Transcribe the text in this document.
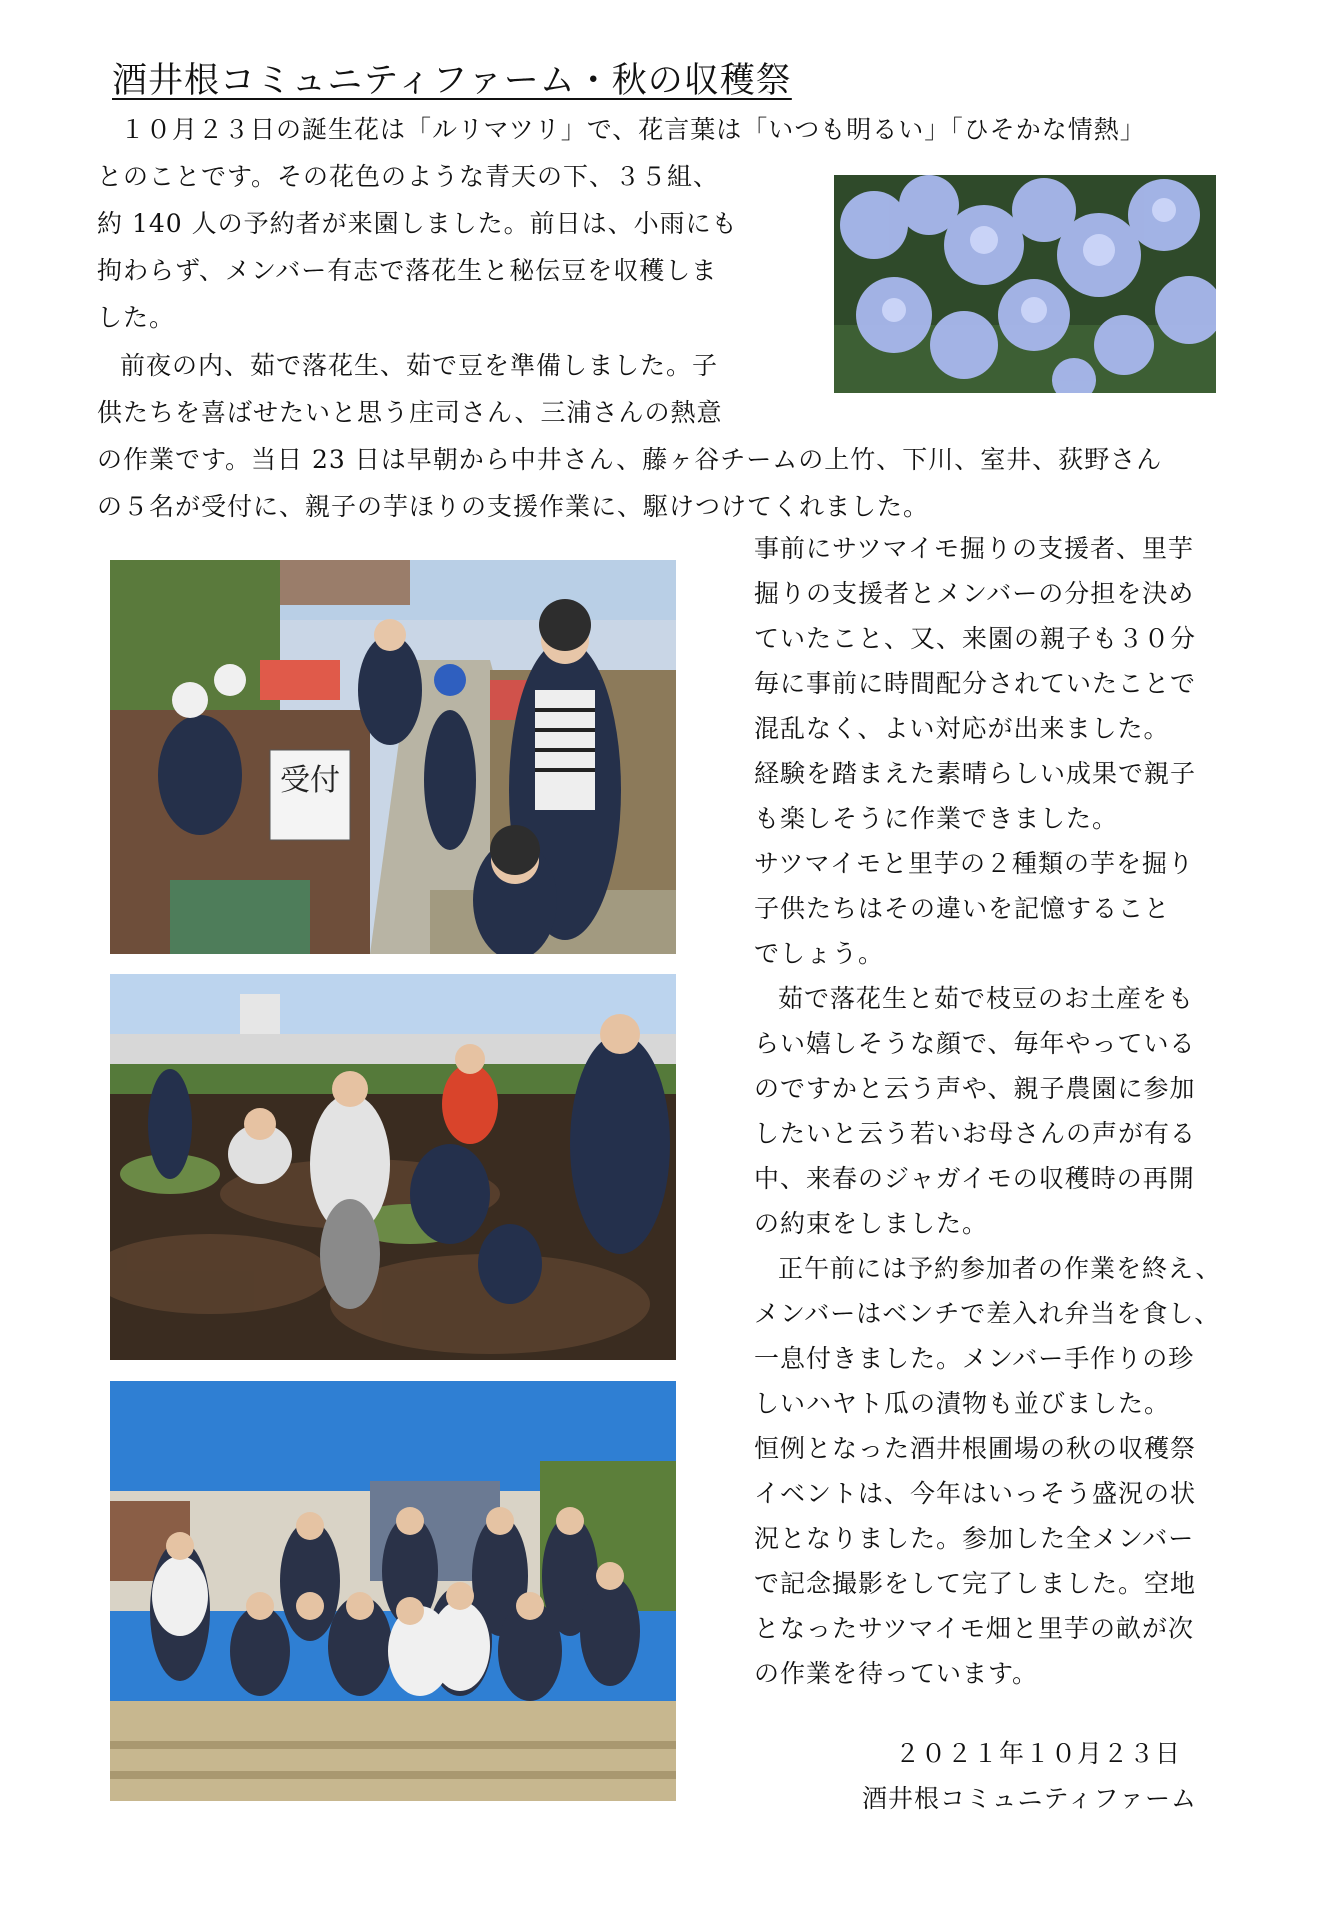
酒井根コミュニティファーム・秋の収穫祭
１０月２３日の誕生花は「ルリマツリ」で、花言葉は「いつも明るい」「ひそかな情熱」
とのことです。その花色のような青天の下、３５組、
約 140 人の予約者が来園しました。前日は、小雨にも
拘わらず、メンバー有志で落花生と秘伝豆を収穫しま
した。
前夜の内、茹で落花生、茹で豆を準備しました。子
供たちを喜ばせたいと思う庄司さん、三浦さんの熱意
の作業です。当日 23 日は早朝から中井さん、藤ヶ谷チームの上竹、下川、室井、荻野さん
の５名が受付に、親子の芋ほりの支援作業に、駆けつけてくれました。
事前にサツマイモ掘りの支援者、里芋
掘りの支援者とメンバーの分担を決め
ていたこと、又、来園の親子も３０分
毎に事前に時間配分されていたことで
混乱なく、よい対応が出来ました。
経験を踏まえた素晴らしい成果で親子
も楽しそうに作業できました。
サツマイモと里芋の２種類の芋を掘り
子供たちはその違いを記憶すること
でしょう。
茹で落花生と茹で枝豆のお土産をも
らい嬉しそうな顔で、毎年やっている
のですかと云う声や、親子農園に参加
したいと云う若いお母さんの声が有る
中、来春のジャガイモの収穫時の再開
の約束をしました。
正午前には予約参加者の作業を終え、
メンバーはベンチで差入れ弁当を食し、
一息付きました。メンバー手作りの珍
しいハヤト瓜の漬物も並びました。
恒例となった酒井根圃場の秋の収穫祭
イベントは、今年はいっそう盛況の状
況となりました。参加した全メンバー
で記念撮影をして完了しました。空地
となったサツマイモ畑と里芋の畝が次
の作業を待っています。
２０２１年１０月２３日
酒井根コミュニティファーム
受付
